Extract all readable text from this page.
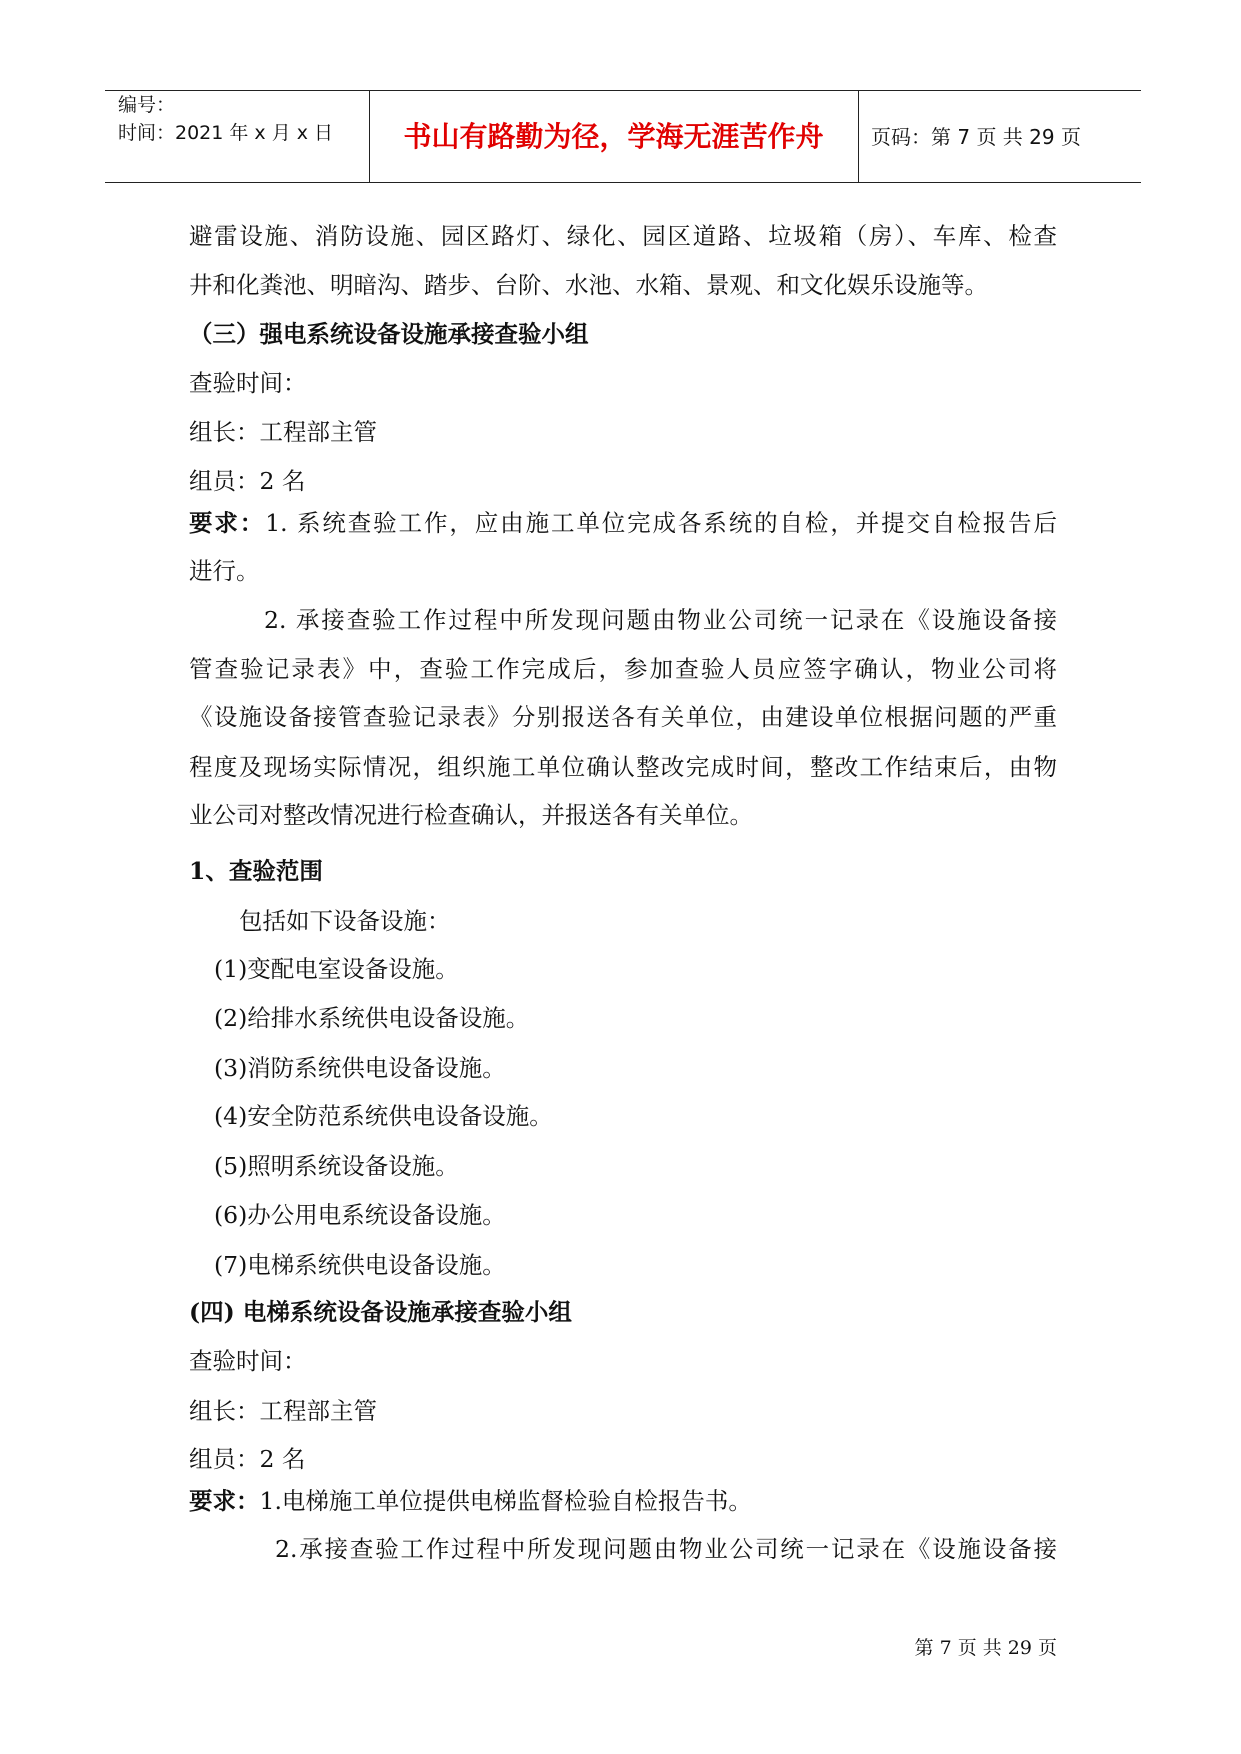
编号：
时间：2021 年 x 月 x 日	书山有路勤为径，学海无涯苦作舟	页码：第 7 页 共 29 页
避雷设施、消防设施、园区路灯、绿化、园区道路、垃圾箱（房）、车库、检查
井和化粪池、明暗沟、踏步、台阶、水池、水箱、景观、和文化娱乐设施等。
（三）强电系统设备设施承接查验小组
查验时间：
组长：工程部主管
组员：2 名
要求：1. 系统查验工作，应由施工单位完成各系统的自检，并提交自检报告后
进行。
2. 承接查验工作过程中所发现问题由物业公司统一记录在《设施设备接
管查验记录表》中，查验工作完成后，参加查验人员应签字确认，物业公司将
《设施设备接管查验记录表》分别报送各有关单位，由建设单位根据问题的严重
程度及现场实际情况，组织施工单位确认整改完成时间，整改工作结束后，由物
业公司对整改情况进行检查确认，并报送各有关单位。
1、查验范围
包括如下设备设施：
(1)变配电室设备设施。
(2)给排水系统供电设备设施。
(3)消防系统供电设备设施。
(4)安全防范系统供电设备设施。
(5)照明系统设备设施。
(6)办公用电系统设备设施。
(7)电梯系统供电设备设施。
(四) 电梯系统设备设施承接查验小组
查验时间：
组长：工程部主管
组员：2 名
要求：1.电梯施工单位提供电梯监督检验自检报告书。
2.承接查验工作过程中所发现问题由物业公司统一记录在《设施设备接
第 7 页 共 29 页
